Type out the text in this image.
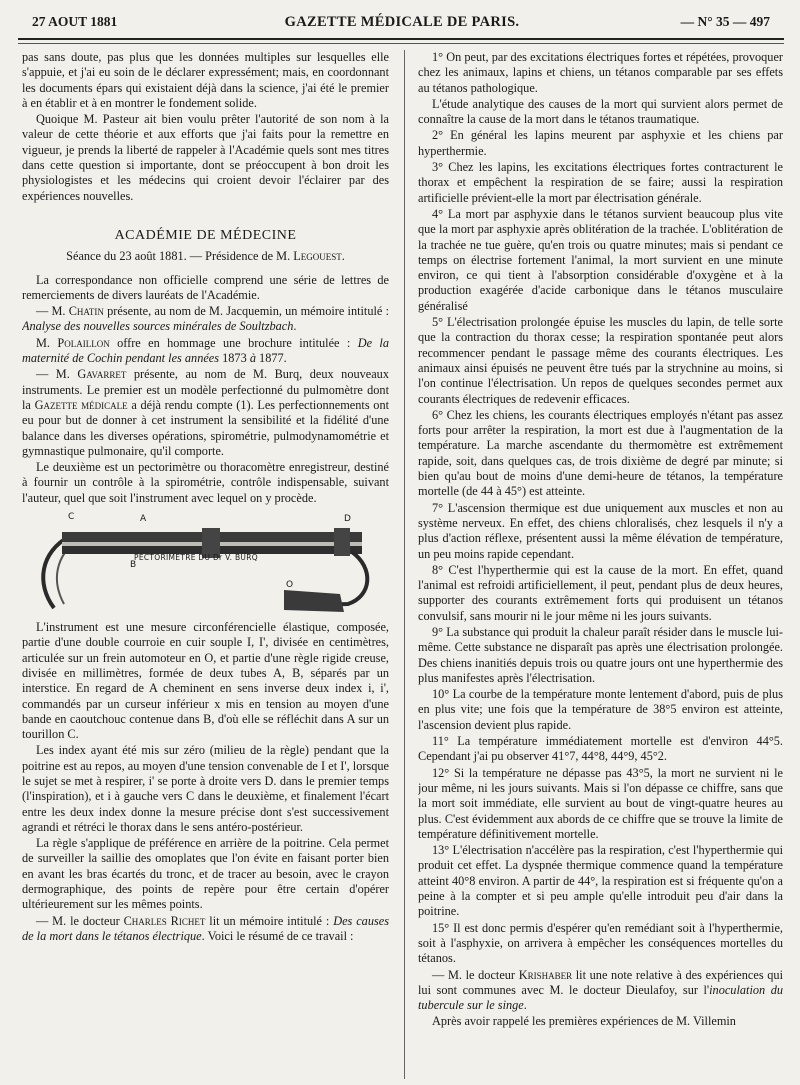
27 AOUT 1881	GAZETTE MÉDICALE DE PARIS.	— N° 35 — 497

pas sans doute, pas plus que les données multiples sur lesquelles elle s'appuie, et j'ai eu soin de le déclarer expressément; mais, en coordonnant les documents épars qui existaient déjà dans la science, j'ai été le premier à en établir et à en montrer le fondement solide.

Quoique M. Pasteur ait bien voulu prêter l'autorité de son nom à la valeur de cette théorie et aux efforts que j'ai faits pour la remettre en vigueur, je prends la liberté de rappeler à l'Académie quels sont mes titres dans cette question si importante, dont se préoccupent à bon droit les physiologistes et les médecins qui croient devoir l'éclairer par des expériences nouvelles.

ACADÉMIE DE MÉDECINE

Séance du 23 août 1881. — Présidence de M. Legouest.

La correspondance non officielle comprend une série de lettres de remerciements de divers lauréats de l'Académie.

— M. Chatin présente, au nom de M. Jacquemin, un mémoire intitulé : Analyse des nouvelles sources minérales de Soultzbach.

M. Polaillon offre en hommage une brochure intitulée : De la maternité de Cochin pendant les années 1873 à 1877.

— M. Gavarret présente, au nom de M. Burq, deux nouveaux instruments. Le premier est un modèle perfectionné du pulmomètre dont la Gazette médicale a déjà rendu compte (1). Les perfectionnements ont eu pour but de donner à cet instrument la sensibilité et la fidélité d'une balance dans les diverses opérations, spirométrie, pulmodynamométrie et gymnastique pulmonaire, qu'il comporte.

Le deuxième est un pectorimètre ou thoracomètre enregistreur, destiné à fournir un contrôle à la spirométrie, contrôle indispensable, suivant l'auteur, quel que soit l'instrument avec lequel on y procède.

C	A	D
B
O
PECTORIMETRE DU Dr V. BURQ

L'instrument est une mesure circonférencielle élastique, composée, partie d'une double courroie en cuir souple I, I', divisée en centimètres, articulée sur un frein automoteur en O, et partie d'une règle rigide creuse, divisée en millimètres, formée de deux tubes A, B, séparés par un interstice. En regard de A cheminent en sens inverse deux index i, i', commandés par un curseur inférieur x mis en tension au moyen d'une bande en caoutchouc contenue dans B, d'où elle se réfléchit dans A sur un tourillon C.

Les index ayant été mis sur zéro (milieu de la règle) pendant que la poitrine est au repos, au moyen d'une tension convenable de I et I', lorsque le sujet se met à respirer, i' se porte à droite vers D. dans le premier temps (l'inspiration), et i à gauche vers C dans le deuxième, et finalement l'écart entre les deux index donne la mesure précise dont s'est successivement agrandi et rétréci le thorax dans le sens antéro-postérieur.

La règle s'applique de préférence en arrière de la poitrine. Cela permet de surveiller la saillie des omoplates que l'on évite en faisant porter bien en avant les bras écartés du tronc, et de tracer au besoin, avec le crayon dermographique, des points de repère pour être certain d'opérer ultérieurement sur les mêmes points.

— M. le docteur Charles Richet lit un mémoire intitulé : Des causes de la mort dans le tétanos électrique. Voici le résumé de ce travail :

1° On peut, par des excitations électriques fortes et répétées, provoquer chez les animaux, lapins et chiens, un tétanos comparable par ses effets au tétanos pathologique.

L'étude analytique des causes de la mort qui survient alors permet de connaître la cause de la mort dans le tétanos traumatique.

2° En général les lapins meurent par asphyxie et les chiens par hyperthermie.

3° Chez les lapins, les excitations électriques fortes contracturent le thorax et empêchent la respiration de se faire; aussi la respiration artificielle prévient-elle la mort par électrisation générale.

4° La mort par asphyxie dans le tétanos survient beaucoup plus vite que la mort par asphyxie après oblitération de la trachée. L'oblitération de la trachée ne tue guère, qu'en trois ou quatre minutes; mais si pendant ce temps on électrise fortement l'animal, la mort survient en une minute environ, ce qui tient à l'absorption considérable d'oxygène et à la production exagérée d'acide carbonique dans le tétanos musculaire généralisé

5° L'électrisation prolongée épuise les muscles du lapin, de telle sorte que la contraction du thorax cesse; la respiration spontanée peut alors recommencer pendant le passage même des courants électriques. Les animaux ainsi épuisés ne peuvent être tués par la strychnine au moins, si l'on continue l'électrisation. Un repos de quelques secondes permet aux courants électriques de redevenir efficaces.

6° Chez les chiens, les courants électriques employés n'étant pas assez forts pour arrêter la respiration, la mort est due à l'augmentation de la température. La marche ascendante du thermomètre est extrêmement rapide, soit, dans quelques cas, de trois dixième de degré par minute; si bien qu'au bout de moins d'une demi-heure de tétanos, la température mortelle (de 44 à 45°) est atteinte.

7° L'ascension thermique est due uniquement aux muscles et non au système nerveux. En effet, des chiens chloralisés, chez lesquels il n'y a plus d'action réflexe, présentent aussi la même élévation de température, un peu moins rapide cependant.

8° C'est l'hyperthermie qui est la cause de la mort. En effet, quand l'animal est refroidi artificiellement, il peut, pendant plus de deux heures, supporter des courants extrêmement forts qui produisent un tétanos convulsif, sans mourir ni le jour même ni les jours suivants.

9° La substance qui produit la chaleur paraît résider dans le muscle lui-même. Cette substance ne disparaît pas après une électrisation prolongée. Des chiens inanitiés depuis trois ou quatre jours ont une hyperthermie des plus manifestes après l'électrisation.

10° La courbe de la température monte lentement d'abord, puis de plus en plus vite; une fois que la température de 38°5 environ est atteinte, l'ascension devient plus rapide.

11° La température immédiatement mortelle est d'environ 44°5. Cependant j'ai pu observer 41°7, 44°8, 44°9, 45°2.

12° Si la température ne dépasse pas 43°5, la mort ne survient ni le jour même, ni les jours suivants. Mais si l'on dépasse ce chiffre, sans que la mort soit immédiate, elle survient au bout de vingt-quatre heures au plus. C'est évidemment aux abords de ce chiffre que se trouve la limite de température définitivement mortelle.

13° L'électrisation n'accélère pas la respiration, c'est l'hyperthermie qui produit cet effet. La dyspnée thermique commence quand la température atteint 40°8 environ. A partir de 44°, la respiration est si fréquente qu'on a peine à la compter et si peu ample qu'elle introduit peu d'air dans la poitrine.

15° Il est donc permis d'espérer qu'en remédiant soit à l'hyperthermie, soit à l'asphyxie, on arrivera à empêcher les conséquences mortelles du tétanos.

— M. le docteur Krishaber lit une note relative à des expériences qui lui sont communes avec M. le docteur Dieulafoy, sur l'inoculation du tubercule sur le singe.

Après avoir rappelé les premières expériences de M. Villemin
